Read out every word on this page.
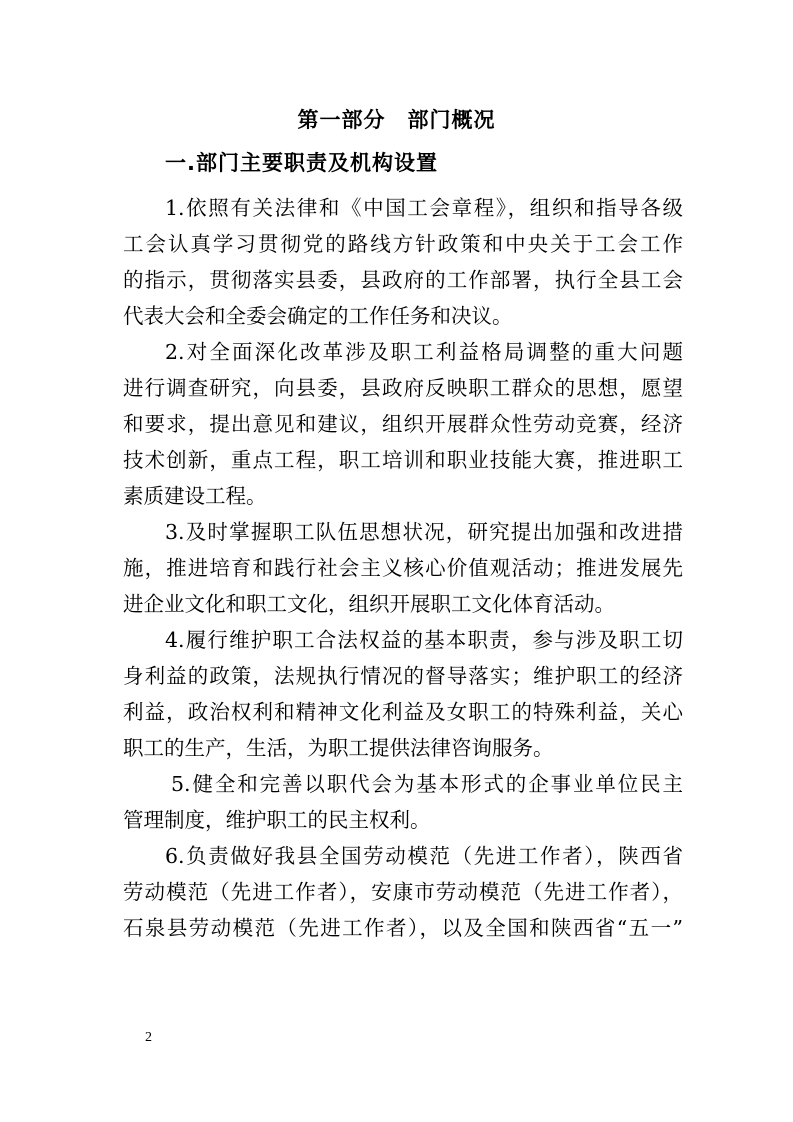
第一部分　部门概况
一.部门主要职责及机构设置
1.依照有关法律和《中国工会章程》，组织和指导各级
工会认真学习贯彻党的路线方针政策和中央关于工会工作
的指示，贯彻落实县委，县政府的工作部署，执行全县工会
代表大会和全委会确定的工作任务和决议。
2.对全面深化改革涉及职工利益格局调整的重大问题
进行调查研究，向县委，县政府反映职工群众的思想，愿望
和要求，提出意见和建议，组织开展群众性劳动竞赛，经济
技术创新，重点工程，职工培训和职业技能大赛，推进职工
素质建设工程。
3.及时掌握职工队伍思想状况，研究提出加强和改进措
施，推进培育和践行社会主义核心价值观活动；推进发展先
进企业文化和职工文化，组织开展职工文化体育活动。
4.履行维护职工合法权益的基本职责，参与涉及职工切
身利益的政策，法规执行情况的督导落实；维护职工的经济
利益，政治权利和精神文化利益及女职工的特殊利益，关心
职工的生产，生活，为职工提供法律咨询服务。
5.健全和完善以职代会为基本形式的企事业单位民主
管理制度，维护职工的民主权利。
6.负责做好我县全国劳动模范（先进工作者），陕西省
劳动模范（先进工作者），安康市劳动模范（先进工作者），
石泉县劳动模范（先进工作者），以及全国和陕西省“五一”
2
